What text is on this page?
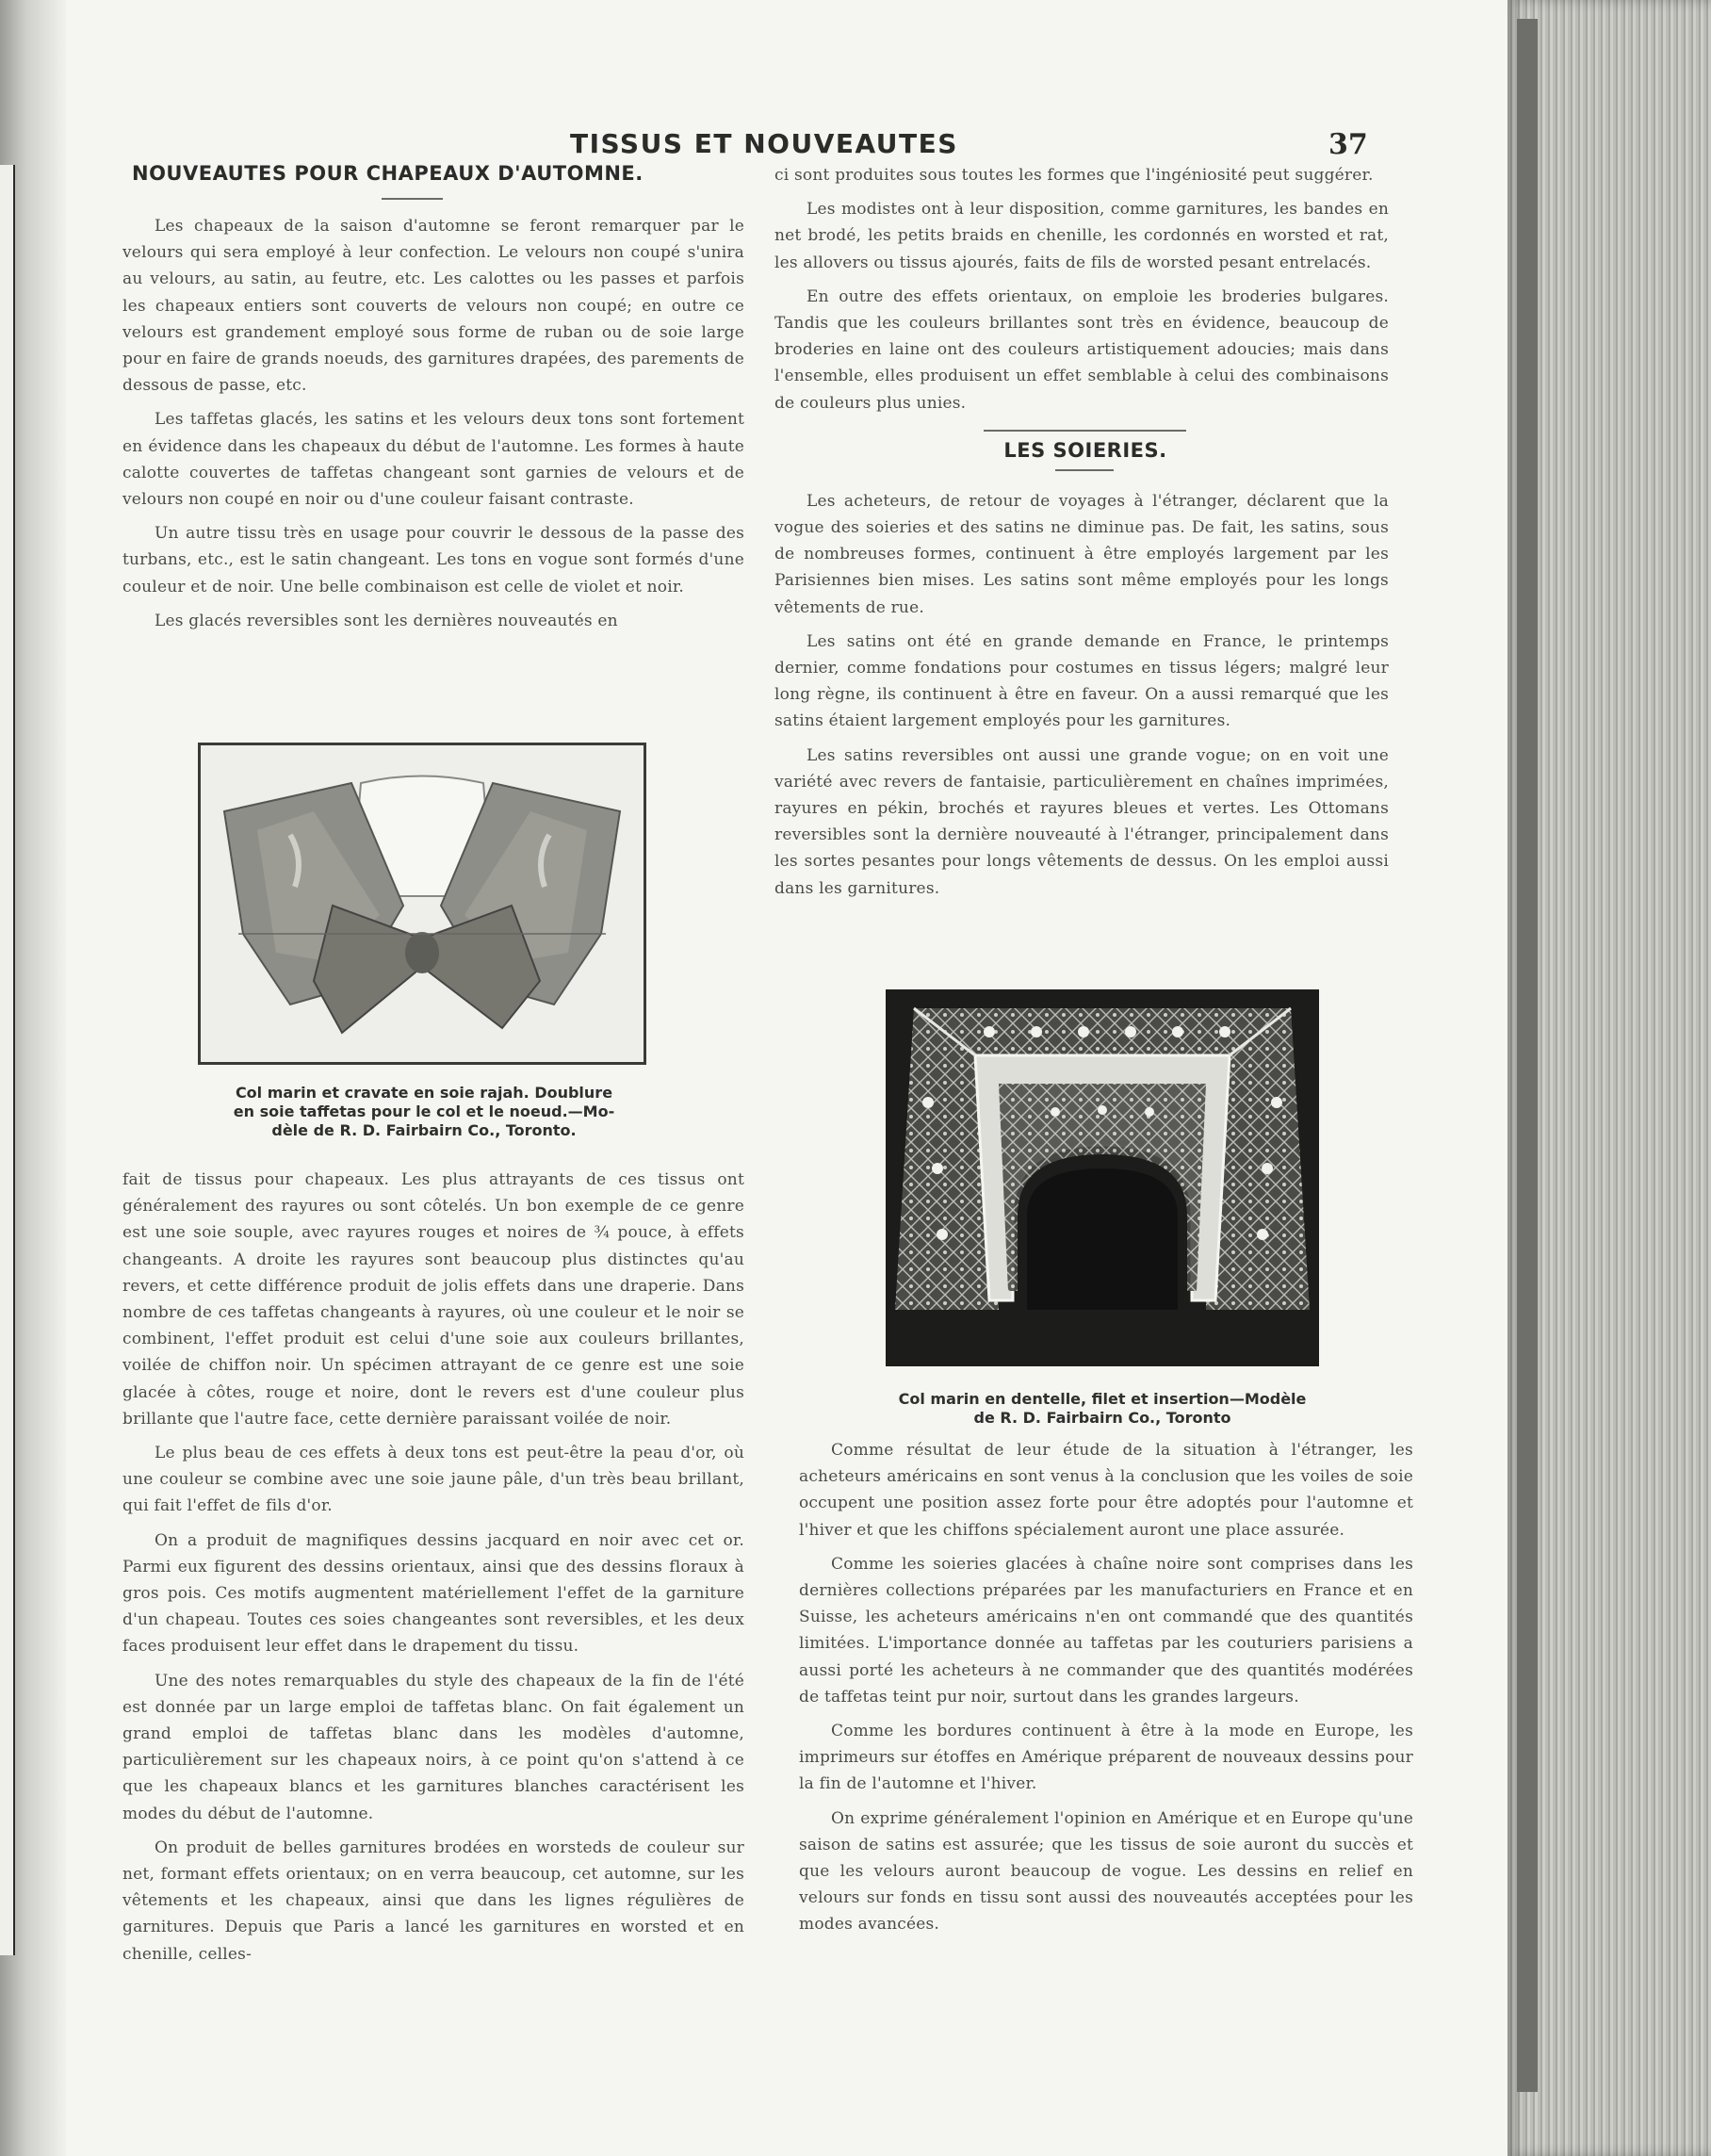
TISSUS ET NOUVEAUTES	37
NOUVEAUTES POUR CHAPEAUX D'AUTOMNE.

Les chapeaux de la saison d'automne se feront remarquer par le velours qui sera employé à leur confection. Le velours non coupé s'unira au velours, au satin, au feutre, etc. Les calottes ou les passes et parfois les chapeaux entiers sont couverts de velours non coupé; en outre ce velours est grandement employé sous forme de ruban ou de soie large pour en faire de grands noeuds, des garnitures drapées, des parements de dessous de passe, etc.

Les taffetas glacés, les satins et les velours deux tons sont fortement en évidence dans les chapeaux du début de l'automne. Les formes à haute calotte couvertes de taffetas changeant sont garnies de velours et de velours non coupé en noir ou d'une couleur faisant contraste.

Un autre tissu très en usage pour couvrir le dessous de la passe des turbans, etc., est le satin changeant. Les tons en vogue sont formés d'une couleur et de noir. Une belle combinaison est celle de violet et noir.

Les glacés reversibles sont les dernières nouveautés en

Col marin et cravate en soie rajah. Doublure
en soie taffetas pour le col et le noeud.—Mo-
dèle de R. D. Fairbairn Co., Toronto.

fait de tissus pour chapeaux. Les plus attrayants de ces tissus ont généralement des rayures ou sont côtelés. Un bon exemple de ce genre est une soie souple, avec rayures rouges et noires de ¾ pouce, à effets changeants. A droite les rayures sont beaucoup plus distinctes qu'au revers, et cette différence produit de jolis effets dans une draperie. Dans nombre de ces taffetas changeants à rayures, où une couleur et le noir se combinent, l'effet produit est celui d'une soie aux couleurs brillantes, voilée de chiffon noir. Un spécimen attrayant de ce genre est une soie glacée à côtes, rouge et noire, dont le revers est d'une couleur plus brillante que l'autre face, cette dernière paraissant voilée de noir.

Le plus beau de ces effets à deux tons est peut-être la peau d'or, où une couleur se combine avec une soie jaune pâle, d'un très beau brillant, qui fait l'effet de fils d'or.

On a produit de magnifiques dessins jacquard en noir avec cet or. Parmi eux figurent des dessins orientaux, ainsi que des dessins floraux à gros pois. Ces motifs augmentent matériellement l'effet de la garniture d'un chapeau. Toutes ces soies changeantes sont reversibles, et les deux faces produisent leur effet dans le drapement du tissu.

Une des notes remarquables du style des chapeaux de la fin de l'été est donnée par un large emploi de taffetas blanc. On fait également un grand emploi de taffetas blanc dans les modèles d'automne, particulièrement sur les chapeaux noirs, à ce point qu'on s'attend à ce que les chapeaux blancs et les garnitures blanches caractérisent les modes du début de l'automne.

On produit de belles garnitures brodées en worsteds de couleur sur net, formant effets orientaux; on en verra beaucoup, cet automne, sur les vêtements et les chapeaux, ainsi que dans les lignes régulières de garnitures. Depuis que Paris a lancé les garnitures en worsted et en chenille, celles-

ci sont produites sous toutes les formes que l'ingéniosité peut suggérer.

Les modistes ont à leur disposition, comme garnitures, les bandes en net brodé, les petits braids en chenille, les cordonnés en worsted et rat, les allovers ou tissus ajourés, faits de fils de worsted pesant entrelacés.

En outre des effets orientaux, on emploie les broderies bulgares. Tandis que les couleurs brillantes sont très en évidence, beaucoup de broderies en laine ont des couleurs artistiquement adoucies; mais dans l'ensemble, elles produisent un effet semblable à celui des combinaisons de couleurs plus unies.

LES SOIERIES.

Les acheteurs, de retour de voyages à l'étranger, déclarent que la vogue des soieries et des satins ne diminue pas. De fait, les satins, sous de nombreuses formes, continuent à être employés largement par les Parisiennes bien mises. Les satins sont même employés pour les longs vêtements de rue.

Les satins ont été en grande demande en France, le printemps dernier, comme fondations pour costumes en tissus légers; malgré leur long règne, ils continuent à être en faveur. On a aussi remarqué que les satins étaient largement employés pour les garnitures.

Les satins reversibles ont aussi une grande vogue; on en voit une variété avec revers de fantaisie, particulièrement en chaînes imprimées, rayures en pékin, brochés et rayures bleues et vertes. Les Ottomans reversibles sont la dernière nouveauté à l'étranger, principalement dans les sortes pesantes pour longs vêtements de dessus. On les emploi aussi dans les garnitures.

Col marin en dentelle, filet et insertion—Modèle
de R. D. Fairbairn Co., Toronto

Comme résultat de leur étude de la situation à l'étranger, les acheteurs américains en sont venus à la conclusion que les voiles de soie occupent une position assez forte pour être adoptés pour l'automne et l'hiver et que les chiffons spécialement auront une place assurée.

Comme les soieries glacées à chaîne noire sont comprises dans les dernières collections préparées par les manufacturiers en France et en Suisse, les acheteurs américains n'en ont commandé que des quantités limitées. L'importance donnée au taffetas par les couturiers parisiens a aussi porté les acheteurs à ne commander que des quantités modérées de taffetas teint pur noir, surtout dans les grandes largeurs.

Comme les bordures continuent à être à la mode en Europe, les imprimeurs sur étoffes en Amérique préparent de nouveaux dessins pour la fin de l'automne et l'hiver.

On exprime généralement l'opinion en Amérique et en Europe qu'une saison de satins est assurée; que les tissus de soie auront du succès et que les velours auront beaucoup de vogue. Les dessins en relief en velours sur fonds en tissu sont aussi des nouveautés acceptées pour les modes avancées.
